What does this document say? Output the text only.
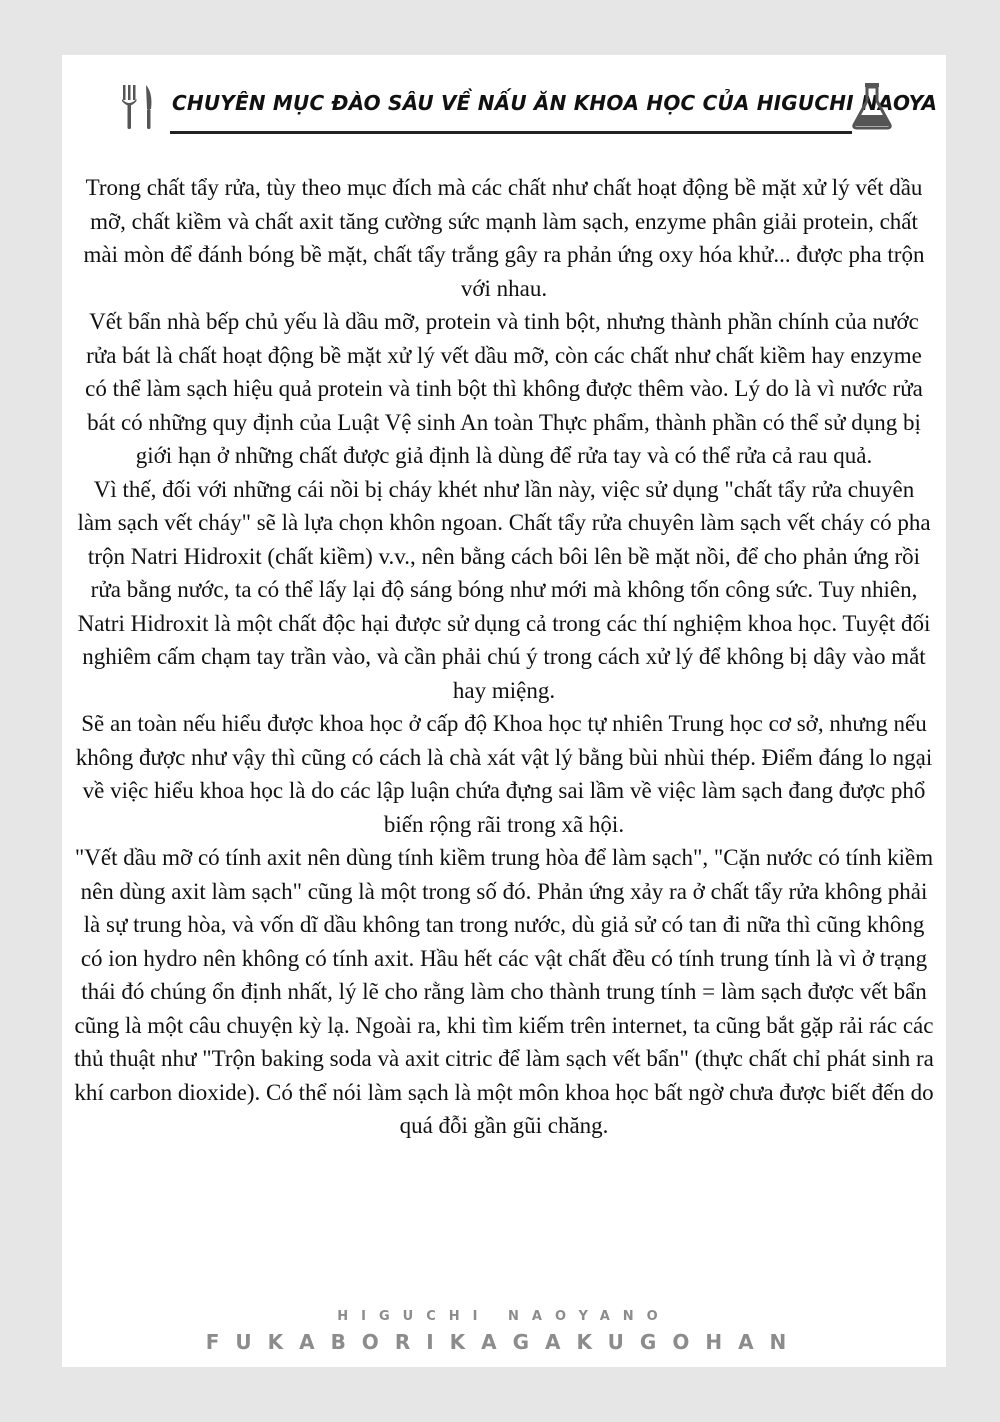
CHUYÊN MỤC ĐÀO SÂU VỀ NẤU ĂN KHOA HỌC CỦA HIGUCHI NAOYA

Trong chất tẩy rửa, tùy theo mục đích mà các chất như chất hoạt động bề mặt xử lý vết dầu mỡ, chất kiềm và chất axit tăng cường sức mạnh làm sạch, enzyme phân giải protein, chất mài mòn để đánh bóng bề mặt, chất tẩy trắng gây ra phản ứng oxy hóa khử... được pha trộn với nhau.

Vết bẩn nhà bếp chủ yếu là dầu mỡ, protein và tinh bột, nhưng thành phần chính của nước rửa bát là chất hoạt động bề mặt xử lý vết dầu mỡ, còn các chất như chất kiềm hay enzyme có thể làm sạch hiệu quả protein và tinh bột thì không được thêm vào. Lý do là vì nước rửa bát có những quy định của Luật Vệ sinh An toàn Thực phẩm, thành phần có thể sử dụng bị giới hạn ở những chất được giả định là dùng để rửa tay và có thể rửa cả rau quả.

Vì thế, đối với những cái nồi bị cháy khét như lần này, việc sử dụng "chất tẩy rửa chuyên làm sạch vết cháy" sẽ là lựa chọn khôn ngoan. Chất tẩy rửa chuyên làm sạch vết cháy có pha trộn Natri Hidroxit (chất kiềm) v.v., nên bằng cách bôi lên bề mặt nồi, để cho phản ứng rồi rửa bằng nước, ta có thể lấy lại độ sáng bóng như mới mà không tốn công sức. Tuy nhiên, Natri Hidroxit là một chất độc hại được sử dụng cả trong các thí nghiệm khoa học. Tuyệt đối nghiêm cấm chạm tay trần vào, và cần phải chú ý trong cách xử lý để không bị dây vào mắt hay miệng.

Sẽ an toàn nếu hiểu được khoa học ở cấp độ Khoa học tự nhiên Trung học cơ sở, nhưng nếu không được như vậy thì cũng có cách là chà xát vật lý bằng bùi nhùi thép. Điểm đáng lo ngại về việc hiểu khoa học là do các lập luận chứa đựng sai lầm về việc làm sạch đang được phổ biến rộng rãi trong xã hội.

"Vết dầu mỡ có tính axit nên dùng tính kiềm trung hòa để làm sạch", "Cặn nước có tính kiềm nên dùng axit làm sạch" cũng là một trong số đó. Phản ứng xảy ra ở chất tẩy rửa không phải là sự trung hòa, và vốn dĩ dầu không tan trong nước, dù giả sử có tan đi nữa thì cũng không có ion hydro nên không có tính axit. Hầu hết các vật chất đều có tính trung tính là vì ở trạng thái đó chúng ổn định nhất, lý lẽ cho rằng làm cho thành trung tính = làm sạch được vết bẩn cũng là một câu chuyện kỳ lạ. Ngoài ra, khi tìm kiếm trên internet, ta cũng bắt gặp rải rác các thủ thuật như "Trộn baking soda và axit citric để làm sạch vết bẩn" (thực chất chỉ phát sinh ra khí carbon dioxide). Có thể nói làm sạch là một môn khoa học bất ngờ chưa được biết đến do quá đỗi gần gũi chăng.

HIGUCHI NAOYANO
FUKABORIKAGAKUGOHAN
